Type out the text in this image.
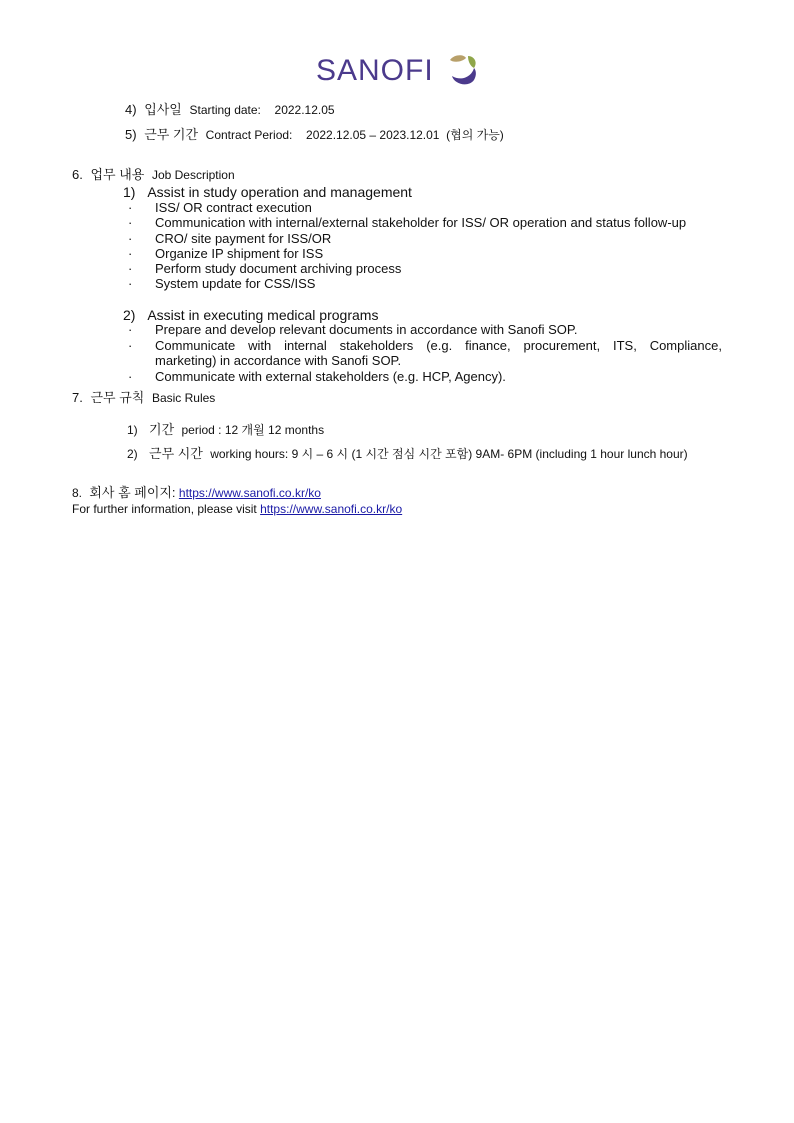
SANOFI
4) 입사일 Starting date: 2022.12.05
5) 근무 기간 Contract Period: 2022.12.05 – 2023.12.01 (협의 가능)
6. 업무 내용 Job Description
1) Assist in study operation and management
· ISS/ OR contract execution
· Communication with internal/external stakeholder for ISS/ OR operation and status follow-up
· CRO/ site payment for ISS/OR
· Organize IP shipment for ISS
· Perform study document archiving process
· System update for CSS/ISS
2) Assist in executing medical programs
· Prepare and develop relevant documents in accordance with Sanofi SOP.
· Communicate with internal stakeholders (e.g. finance, procurement, ITS, Compliance,
marketing) in accordance with Sanofi SOP.
· Communicate with external stakeholders (e.g. HCP, Agency).
7. 근무 규칙 Basic Rules
1) 기간 period : 12 개월 12 months
2) 근무 시간 working hours: 9 시 – 6 시 (1 시간 점심 시간 포함) 9AM- 6PM (including 1 hour lunch hour)
8. 회사 홈 페이지: https://www.sanofi.co.kr/ko
For further information, please visit https://www.sanofi.co.kr/ko
